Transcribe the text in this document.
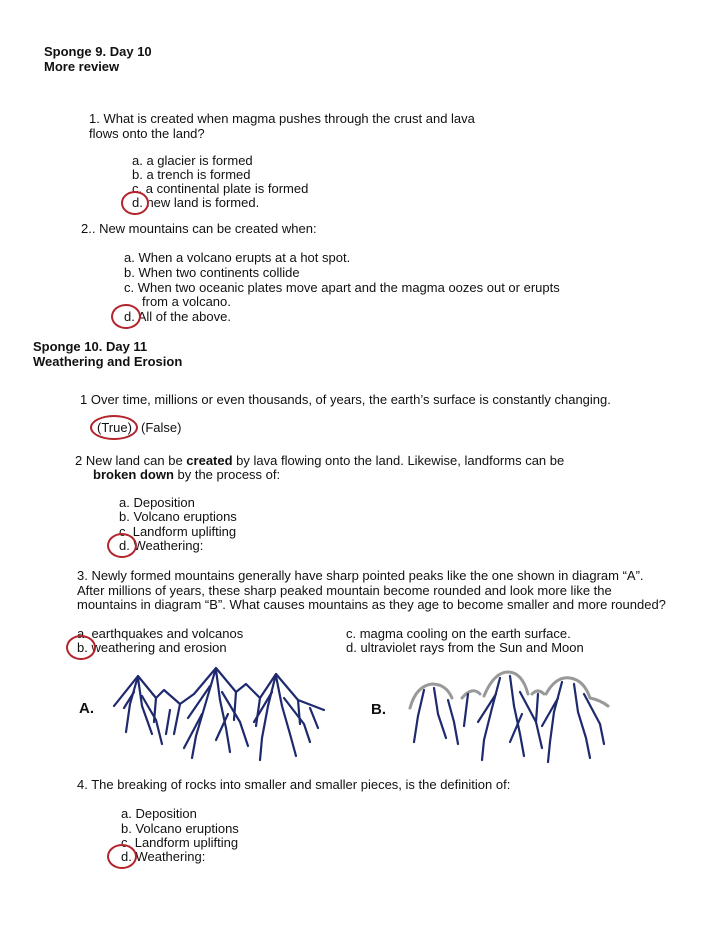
Sponge 9. Day 10
More review
1. What is created when magma pushes through the crust and lava
flows onto the land?
a. a glacier is formed
b. a trench is formed
c. a continental plate is formed
d. new land is formed.
2.. New mountains can be created when:
a. When a volcano erupts at a hot spot.
b. When two continents collide
c. When two oceanic plates move apart and the magma oozes out or erupts
from a volcano.
d. All of the above.
Sponge 10. Day 11
Weathering and Erosion
1 Over time, millions or even thousands, of years, the earth’s surface is constantly changing.
(True) (False)
2 New land can be created by lava flowing onto the land. Likewise, landforms can be
broken down by the process of:
a. Deposition
b. Volcano eruptions
c. Landform uplifting
d. Weathering:
3. Newly formed mountains generally have sharp pointed peaks like the one shown in diagram “A”.
After millions of years, these sharp peaked mountain become rounded and look more like the
mountains in diagram “B”. What causes mountains as they age to become smaller and more rounded?
a. earthquakes and volcanos
b. weathering and erosion
c. magma cooling on the earth surface.
d. ultraviolet rays from the Sun and Moon
A.	B.
4. The breaking of rocks into smaller and smaller pieces, is the definition of:
a. Deposition
b. Volcano eruptions
c. Landform uplifting
d. Weathering:
